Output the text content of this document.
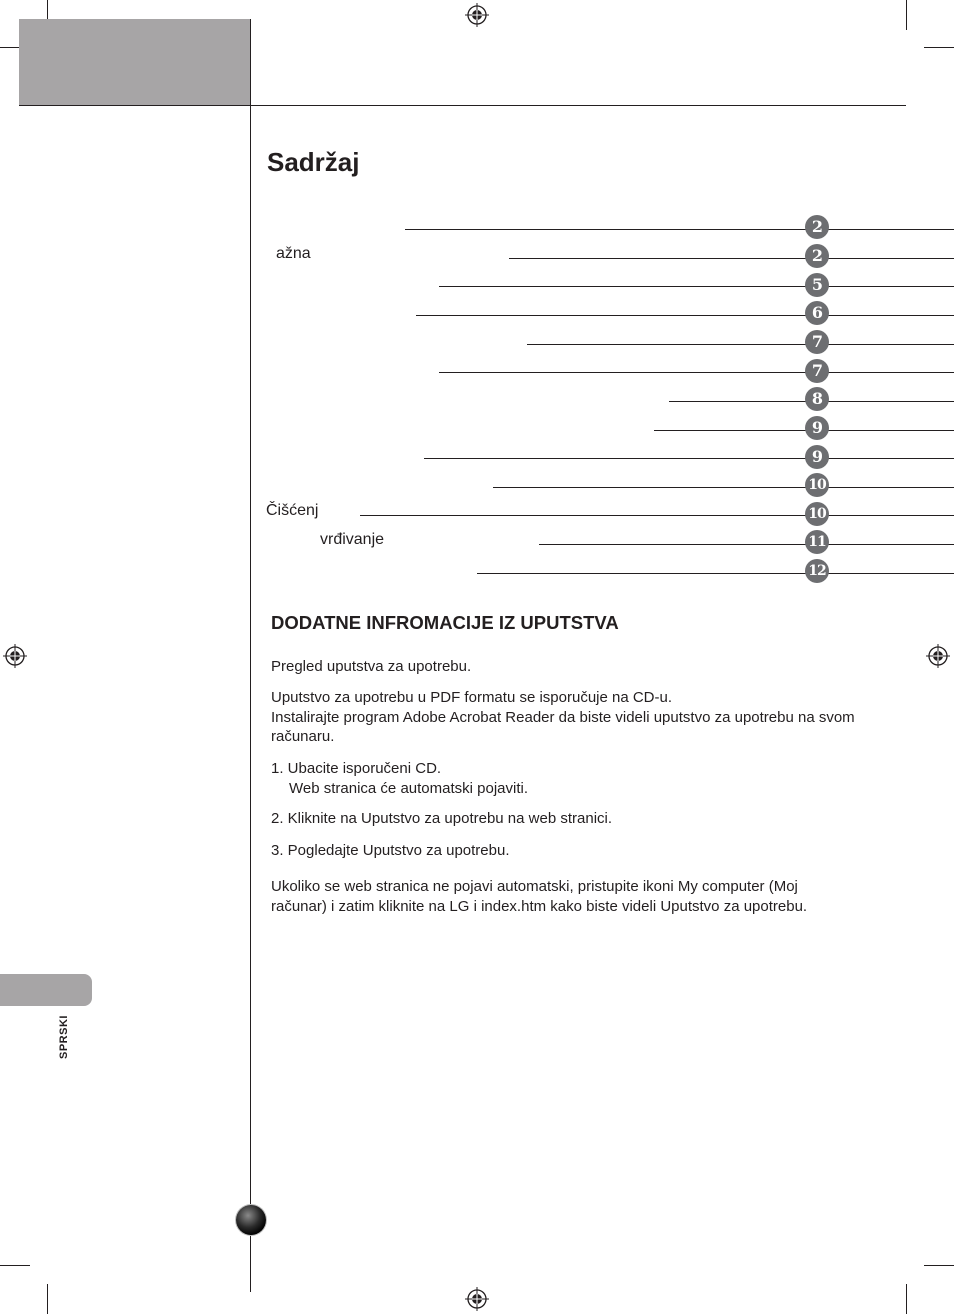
Sadržaj
2
ažna	2
5
6
7
7
8
9
9
10
Čišćenj	10
vrđivanje	11
12
DODATNE INFROMACIJE IZ UPUTSTVA
Pregled uputstva za upotrebu.
Uputstvo za upotrebu u PDF formatu se isporučuje na CD-u.
Instalirajte program Adobe Acrobat Reader da biste videli uputstvo za upotrebu na svom računaru.
1. Ubacite isporučeni CD.
Web stranica će automatski pojaviti.
2. Kliknite na Uputstvo za upotrebu na web stranici.
3. Pogledajte Uputstvo za upotrebu.
Ukoliko se web stranica ne pojavi automatski, pristupite ikoni My computer (Moj računar) i zatim kliknite na LG i index.htm kako biste videli Uputstvo za upotrebu.
SPRSKI
